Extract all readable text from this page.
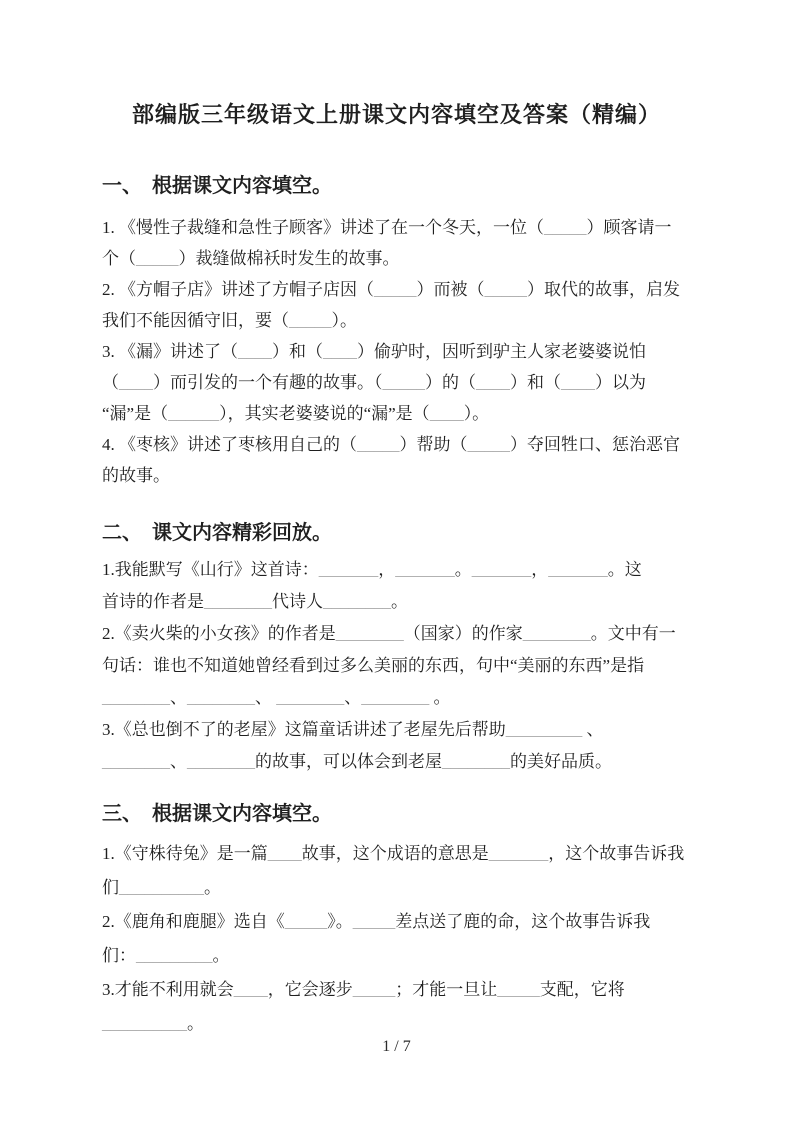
部编版三年级语文上册课文内容填空及答案（精编）
一、　根据课文内容填空。
1. 《慢性子裁缝和急性子顾客》讲述了在一个冬天，一位（_____）顾客请一
个（_____）裁缝做棉袄时发生的故事。
2. 《方帽子店》讲述了方帽子店因（_____）而被（_____）取代的故事，启发
我们不能因循守旧，要（_____）。
3. 《漏》讲述了（____）和（____）偷驴时，因听到驴主人家老婆婆说怕
（____）而引发的一个有趣的故事。（_____）的（____）和（____）以为
“漏”是（______），其实老婆婆说的“漏”是（____）。
4. 《枣核》讲述了枣核用自己的（_____）帮助（_____）夺回牲口、惩治恶官
的故事。
二、　课文内容精彩回放。
1.我能默写《山行》这首诗：_______，_______。_______，_______。这
首诗的作者是________代诗人________。
2.《卖火柴的小女孩》的作者是________（国家）的作家________。文中有一
句话：谁也不知道她曾经看到过多么美丽的东西，句中“美丽的东西”是指
________、________、 ________、________ 。
3.《总也倒不了的老屋》这篇童话讲述了老屋先后帮助_________ 、
________、________的故事，可以体会到老屋________的美好品质。
三、　根据课文内容填空。
1.《守株待兔》是一篇____故事，这个成语的意思是_______，这个故事告诉我
们__________。
2.《鹿角和鹿腿》选自《_____》。_____差点送了鹿的命，这个故事告诉我
们：_________。
3.才能不利用就会____，它会逐步_____；才能一旦让_____支配，它将
__________。
1 / 7
